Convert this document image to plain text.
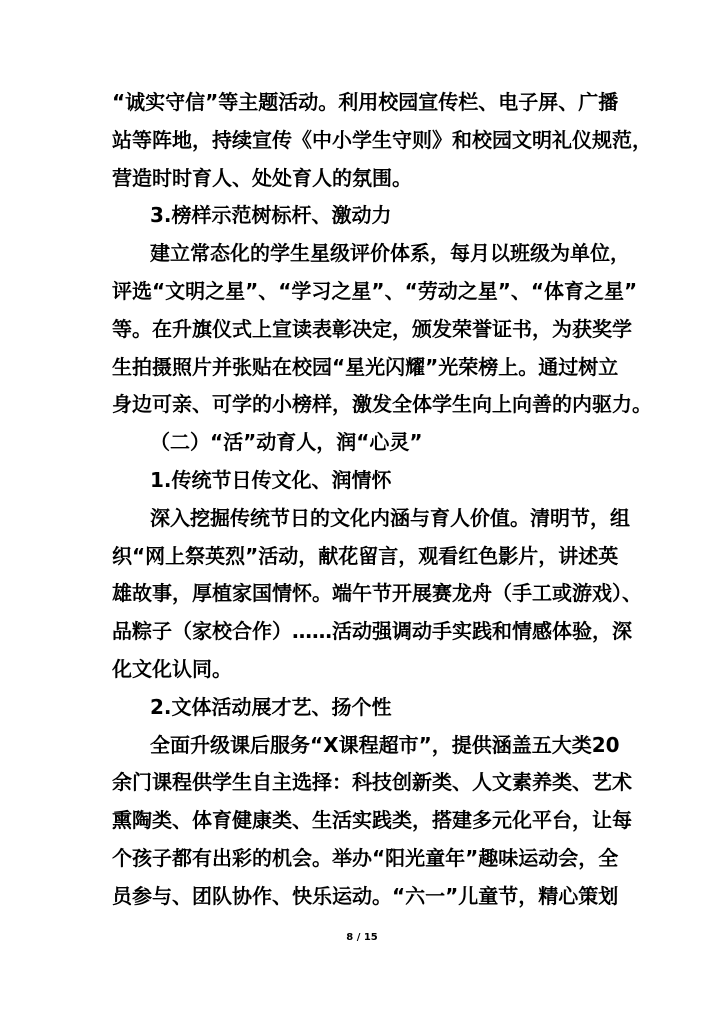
“诚实守信”等主题活动。利用校园宣传栏、电子屏、广播
站等阵地，持续宣传《中小学生守则》和校园文明礼仪规范，
营造时时育人、处处育人的氛围。
3.榜样示范树标杆、激动力
建立常态化的学生星级评价体系，每月以班级为单位，
评选“文明之星”、“学习之星”、“劳动之星”、“体育之星”
等。在升旗仪式上宣读表彰决定，颁发荣誉证书，为获奖学
生拍摄照片并张贴在校园“星光闪耀”光荣榜上。通过树立
身边可亲、可学的小榜样，激发全体学生向上向善的内驱力。
（二）“活”动育人，润“心灵”
1.传统节日传文化、润情怀
深入挖掘传统节日的文化内涵与育人价值。清明节，组
织“网上祭英烈”活动，献花留言，观看红色影片，讲述英
雄故事，厚植家国情怀。端午节开展赛龙舟（手工或游戏）、
品粽子（家校合作）……活动强调动手实践和情感体验，深
化文化认同。
2.文体活动展才艺、扬个性
全面升级课后服务“X课程超市”，提供涵盖五大类20
余门课程供学生自主选择：科技创新类、人文素养类、艺术
熏陶类、体育健康类、生活实践类，搭建多元化平台，让每
个孩子都有出彩的机会。举办“阳光童年”趣味运动会，全
员参与、团队协作、快乐运动。“六一”儿童节，精心策划
8 / 15
